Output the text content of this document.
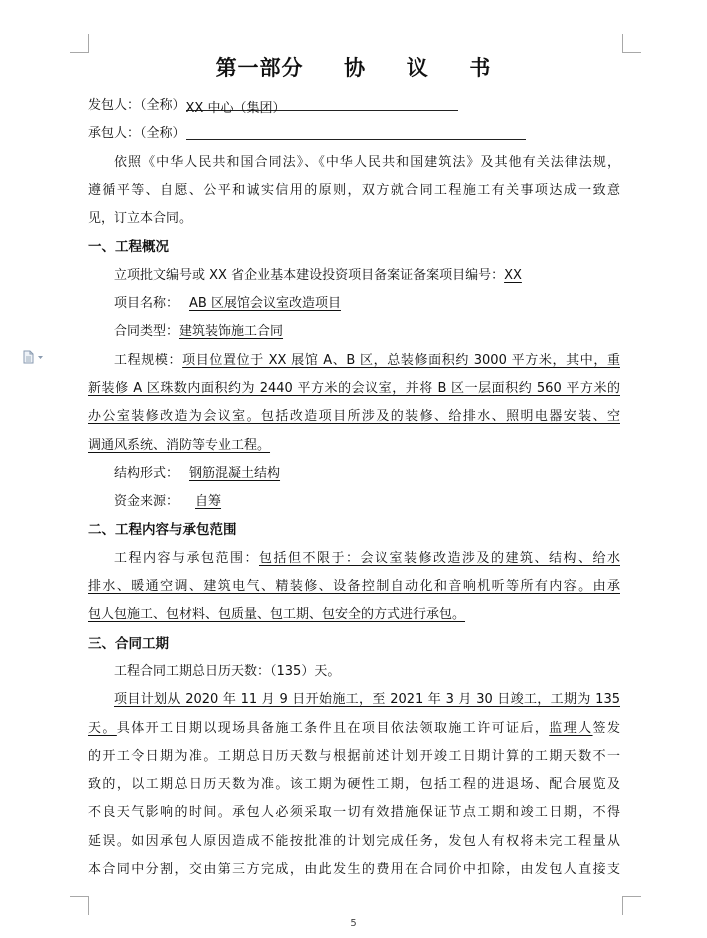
第一部分  协  议  书
发包人：（全称）XX 中心（集团）
承包人：（全称）
依照《中华人民共和国合同法》、《中华人民共和国建筑法》及其他有关法律法规，
遵循平等、自愿、公平和诚实信用的原则，双方就合同工程施工有关事项达成一致意
见，订立本合同。
一、工程概况
立项批文编号或 XX 省企业基本建设投资项目备案证备案项目编号：XX
项目名称： AB 区展馆会议室改造项目
合同类型：建筑装饰施工合同
工程规模：项目位置位于 XX 展馆 A、B 区，总装修面积约 3000 平方米，其中，重
新装修 A 区珠数内面积约为 2440 平方米的会议室，并将 B 区一层面积约 560 平方米的
办公室装修改造为会议室。包括改造项目所涉及的装修、给排水、照明电器安装、空
调通风系统、消防等专业工程。
结构形式： 钢筋混凝土结构
资金来源： 自筹
二、工程内容与承包范围
工程内容与承包范围：包括但不限于：会议室装修改造涉及的建筑、结构、给水
排水、暖通空调、建筑电气、精装修、设备控制自动化和音响机听等所有内容。由承
包人包施工、包材料、包质量、包工期、包安全的方式进行承包。
三、合同工期
工程合同工期总日历天数：（135）天。
项目计划从 2020 年 11 月 9 日开始施工，至 2021 年 3 月 30 日竣工，工期为 135
天。具体开工日期以现场具备施工条件且在项目依法领取施工许可证后，监理人签发
的开工令日期为准。工期总日历天数与根据前述计划开竣工日期计算的工期天数不一
致的，以工期总日历天数为准。该工期为硬性工期，包括工程的进退场、配合展览及
不良天气影响的时间。承包人必须采取一切有效措施保证节点工期和竣工日期，不得
延误。如因承包人原因造成不能按批准的计划完成任务，发包人有权将未完工程量从
本合同中分割，交由第三方完成，由此发生的费用在合同价中扣除，由发包人直接支
5
